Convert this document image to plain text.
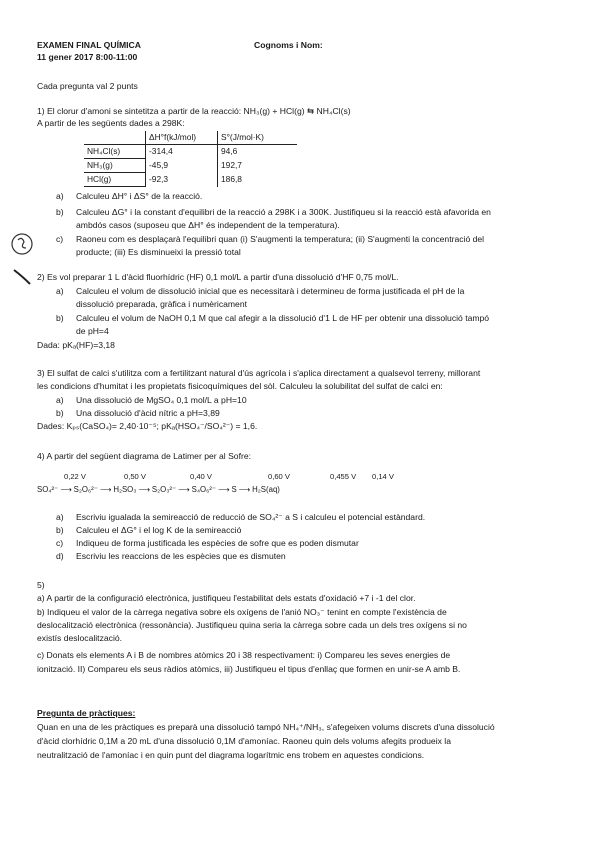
EXAMEN FINAL QUÍMICA
11 gener 2017 8:00-11:00
Cognoms i Nom:
Cada pregunta val 2 punts
1) El clorur d'amoni se sintetitza a partir de la reacció: NH₃(g) + HCl(g) ⇆ NH₄Cl(s)
A partir de les següents dades a 298K:
	ΔH°f(kJ/mol)	S°(J/mol·K)
NH₄Cl(s)	-314,4	94,6
NH₃(g)	-45,9	192,7
HCl(g)	-92,3	186,8
a) Calculeu ΔH° i ΔS° de la reacció.
b) Calculeu ΔG° i la constant d'equilibri de la reacció a 298K i a 300K. Justifiqueu si la reacció està afavorida en
ambdós casos (suposeu que ΔH° és independent de la temperatura).
c) Raoneu com es desplaçarà l'equilibri quan (i) S'augmenti la temperatura; (ii) S'augmenti la concentració del
producte; (iii) Es disminueixi la pressió total
2) Es vol preparar 1 L d'àcid fluorhídric (HF) 0,1 mol/L a partir d'una dissolució d'HF 0,75 mol/L.
a) Calculeu el volum de dissolució inicial que es necessitarà i determineu de forma justificada el pH de la
dissolució preparada, gràfica i numèricament
b) Calculeu el volum de NaOH 0,1 M que cal afegir a la dissolució d'1 L de HF per obtenir una dissolució tampó
de pH=4
Dada: pKₐ(HF)=3,18
3) El sulfat de calci s'utilitza com a fertilitzant natural d'ús agrícola i s'aplica directament a qualsevol terreny, millorant
les condicions d'humitat i les propietats fisicoquímiques del sòl. Calculeu la solubilitat del sulfat de calci en:
a) Una dissolució de MgSO₄ 0,1 mol/L a pH=10
b) Una dissolució d'àcid nítric a pH=3,89
Dades: Kₚₛ(CaSO₄)= 2,40·10⁻⁵; pKₐ(HSO₄⁻/SO₄²⁻) = 1,6.
4) A partir del següent diagrama de Latimer per al Sofre:
0,22 V	0,50 V	0,40 V	0,60 V	0,455 V 0,14 V
SO₄²⁻ ⟶ S₂O₆²⁻ ⟶ H₂SO₃ ⟶ S₂O₃²⁻ ⟶ S₄O₆²⁻ ⟶ S ⟶ H₂S(aq)
a) Escriviu igualada la semireacció de reducció de SO₄²⁻ a S i calculeu el potencial estàndard.
b) Calculeu el ΔG° i el log K de la semireacció
c) Indiqueu de forma justificada les espècies de sofre que es poden dismutar
d) Escriviu les reaccions de les espècies que es dismuten
5)
a) A partir de la configuració electrònica, justifiqueu l'estabilitat dels estats d'oxidació +7 i -1 del clor.
b) Indiqueu el valor de la càrrega negativa sobre els oxígens de l'anió NO₃⁻ tenint en compte l'existència de
deslocalització electrònica (ressonància). Justifiqueu quina seria la càrrega sobre cada un dels tres oxígens si no
existís deslocalització.
c) Donats els elements A i B de nombres atòmics 20 i 38 respectivament: i) Compareu les seves energies de
ionització. II) Compareu els seus ràdios atòmics, iii) Justifiqueu el tipus d'enllaç que formen en unir-se A amb B.
Pregunta de pràctiques:
Quan en una de les pràctiques es preparà una dissolució tampó NH₄⁺/NH₃, s'afegeixen volums discrets d'una dissolució
d'àcid clorhídric 0,1M a 20 mL d'una dissolució 0,1M d'amoníac. Raoneu quin dels volums afegits produeix la
neutralització de l'amoníac i en quin punt del diagrama logarítmic ens trobem en aquestes condicions.
